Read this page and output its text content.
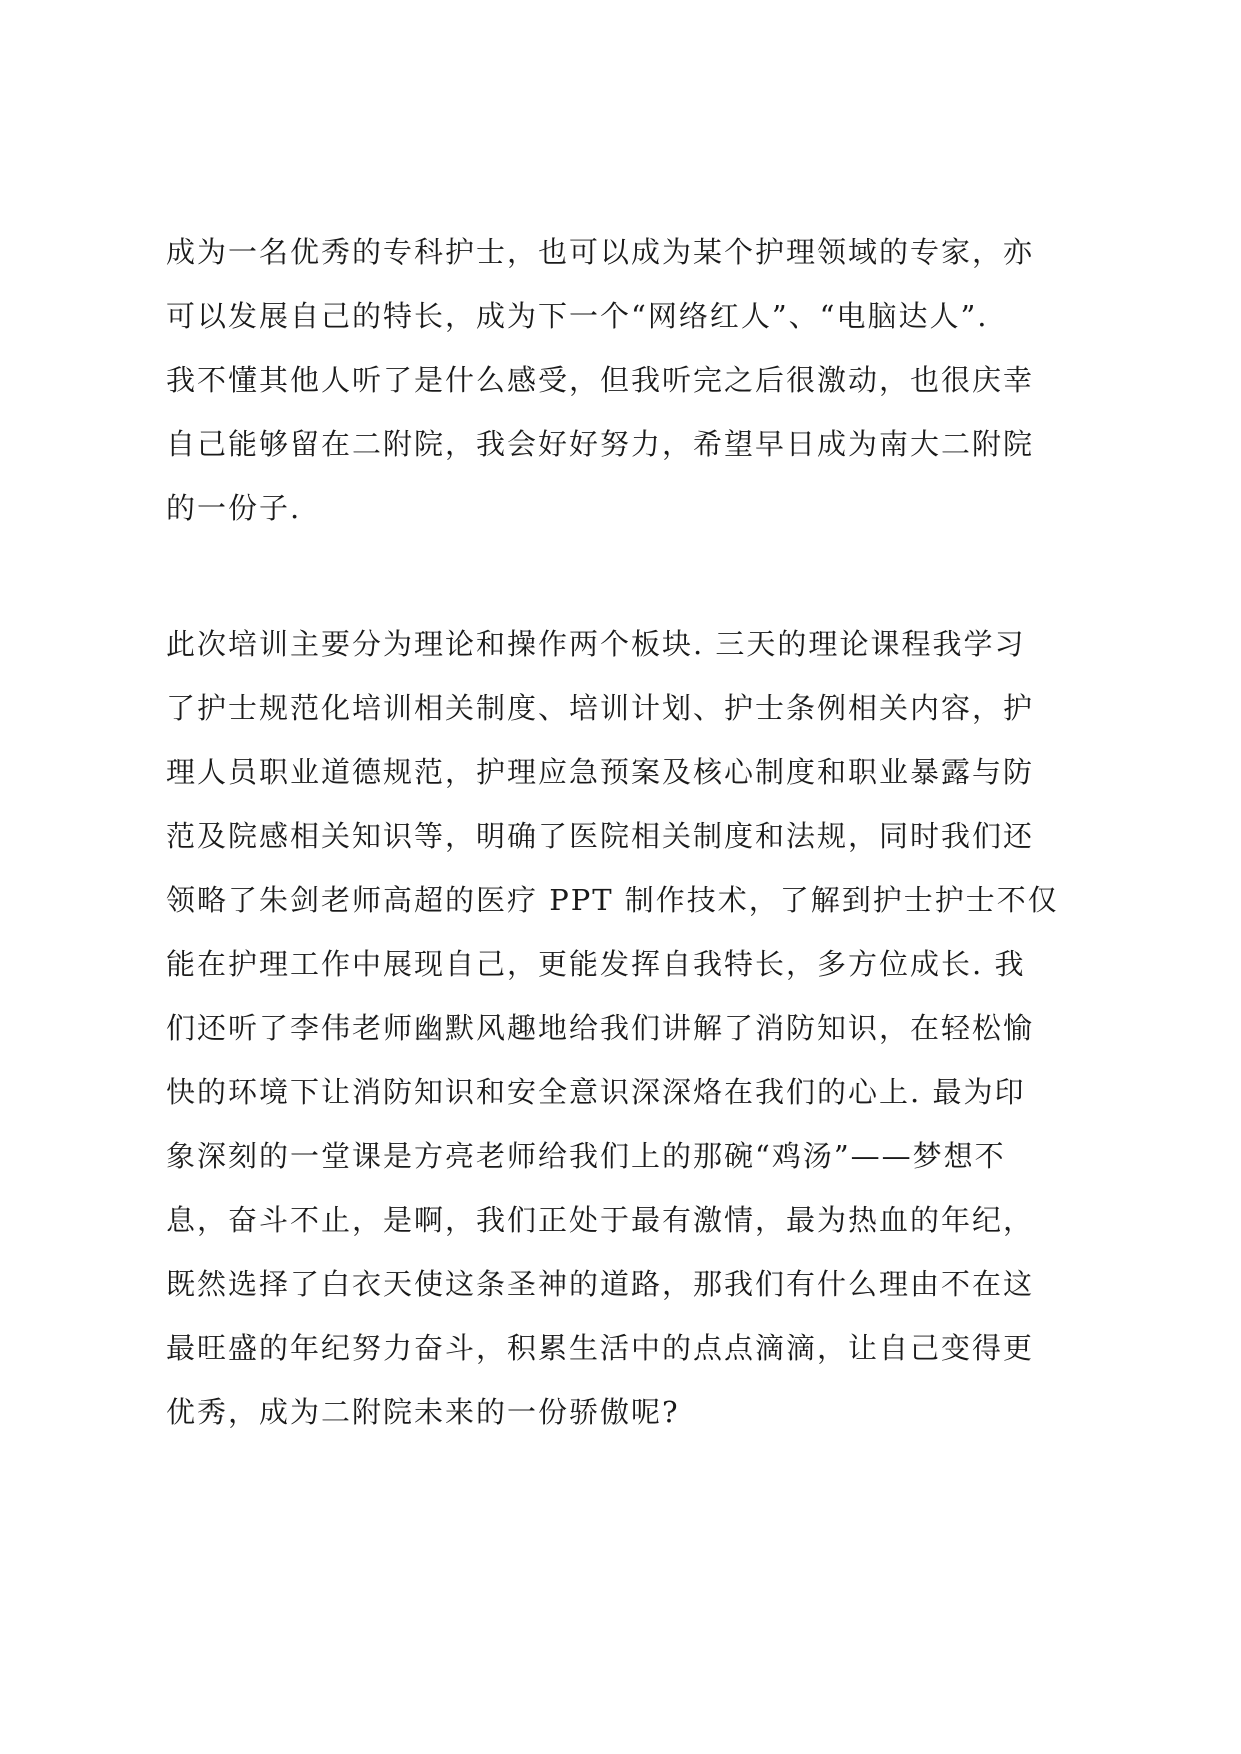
成为一名优秀的专科护士，也可以成为某个护理领域的专家，亦
可以发展自己的特长，成为下一个“网络红人”、“电脑达人”.
我不懂其他人听了是什么感受，但我听完之后很激动，也很庆幸
自己能够留在二附院，我会好好努力，希望早日成为南大二附院
的一份子.
此次培训主要分为理论和操作两个板块. 三天的理论课程我学习
了护士规范化培训相关制度、培训计划、护士条例相关内容，护
理人员职业道德规范，护理应急预案及核心制度和职业暴露与防
范及院感相关知识等，明确了医院相关制度和法规，同时我们还
领略了朱剑老师高超的医疗 PPT 制作技术，了解到护士护士不仅
能在护理工作中展现自己，更能发挥自我特长，多方位成长. 我
们还听了李伟老师幽默风趣地给我们讲解了消防知识，在轻松愉
快的环境下让消防知识和安全意识深深烙在我们的心上. 最为印
象深刻的一堂课是方亮老师给我们上的那碗“鸡汤”——梦想不
息，奋斗不止，是啊，我们正处于最有激情，最为热血的年纪，
既然选择了白衣天使这条圣神的道路，那我们有什么理由不在这
最旺盛的年纪努力奋斗，积累生活中的点点滴滴，让自己变得更
优秀，成为二附院未来的一份骄傲呢?
